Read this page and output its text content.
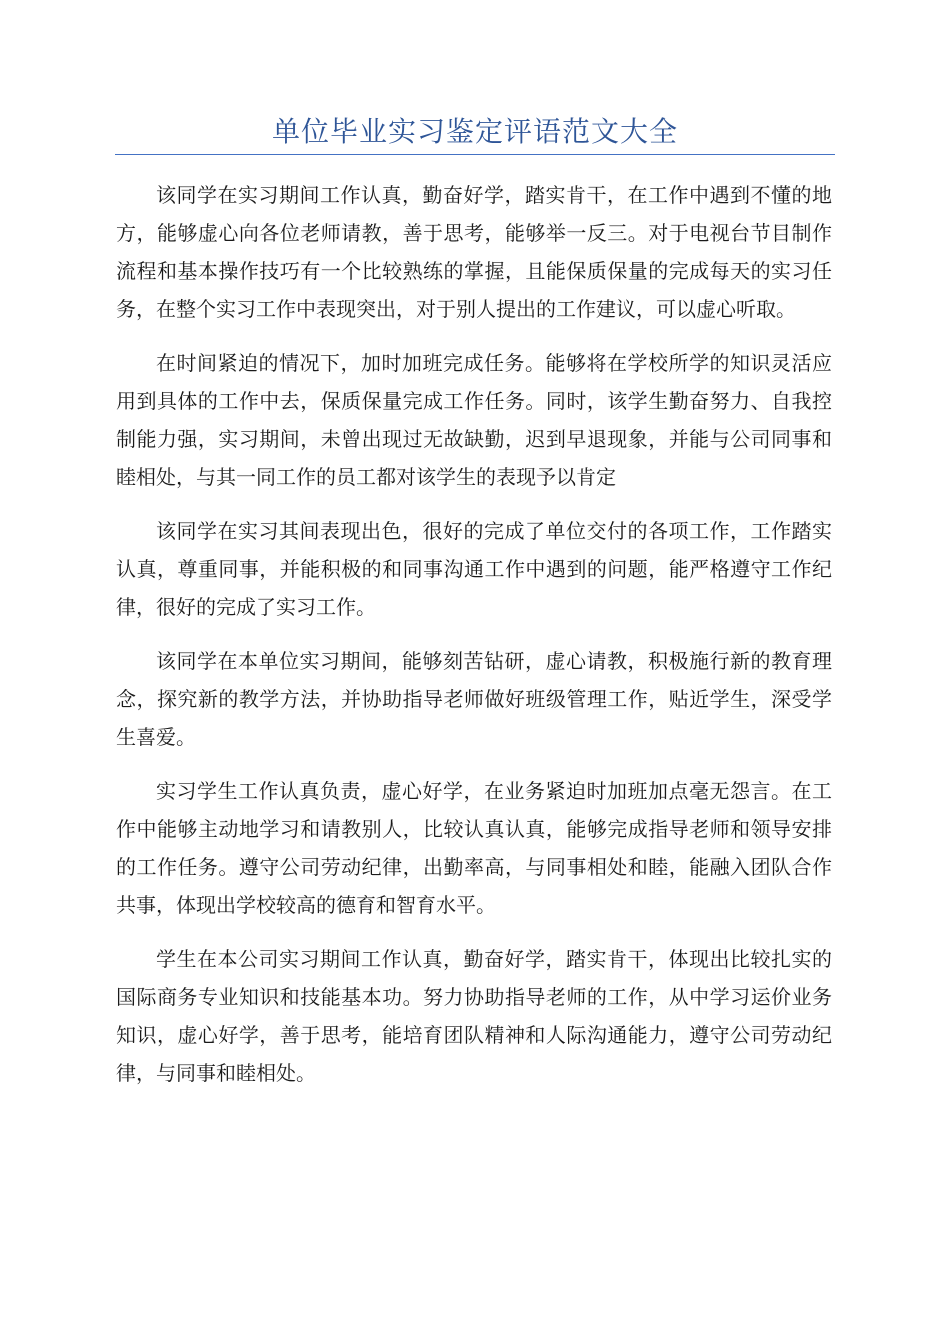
单位毕业实习鉴定评语范文大全

该同学在实习期间工作认真，勤奋好学，踏实肯干，在工作中遇到不懂的地方，能够虚心向各位老师请教，善于思考，能够举一反三。对于电视台节目制作流程和基本操作技巧有一个比较熟练的掌握，且能保质保量的完成每天的实习任务，在整个实习工作中表现突出，对于别人提出的工作建议，可以虚心听取。

在时间紧迫的情况下，加时加班完成任务。能够将在学校所学的知识灵活应用到具体的工作中去，保质保量完成工作任务。同时，该学生勤奋努力、自我控制能力强，实习期间，未曾出现过无故缺勤，迟到早退现象，并能与公司同事和睦相处，与其一同工作的员工都对该学生的表现予以肯定

该同学在实习其间表现出色，很好的完成了单位交付的各项工作，工作踏实认真，尊重同事，并能积极的和同事沟通工作中遇到的问题，能严格遵守工作纪律，很好的完成了实习工作。

该同学在本单位实习期间，能够刻苦钻研，虚心请教，积极施行新的教育理念，探究新的教学方法，并协助指导老师做好班级管理工作，贴近学生，深受学生喜爱。

实习学生工作认真负责，虚心好学，在业务紧迫时加班加点毫无怨言。在工作中能够主动地学习和请教别人，比较认真认真，能够完成指导老师和领导安排的工作任务。遵守公司劳动纪律，出勤率高，与同事相处和睦，能融入团队合作共事，体现出学校较高的德育和智育水平。

学生在本公司实习期间工作认真，勤奋好学，踏实肯干，体现出比较扎实的国际商务专业知识和技能基本功。努力协助指导老师的工作，从中学习运价业务知识，虚心好学，善于思考，能培育团队精神和人际沟通能力，遵守公司劳动纪律，与同事和睦相处。
